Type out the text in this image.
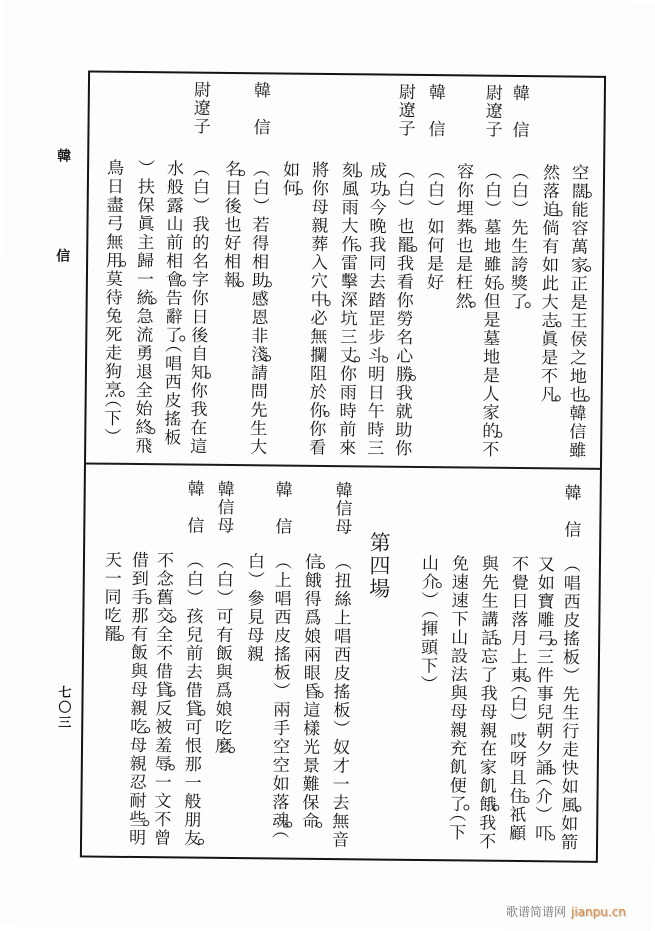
韓信
七〇三
空闊能容萬家正是王侯之地也韓信雖
然落迫倘有如此大志眞是不凡
韓信
（白）先生誇獎了
尉遼子
（白）墓地雖好但是墓地是人家的不
容你埋葬也是枉然
韓信
（白）如何是好
尉遼子
（白）也罷我看你勞名心勝我就助你
成功今晚我同去踏罡步斗明日午時三
刻風雨大作雷擊深坑三丈你雨時前來
將你母親葬入穴中必無攔阻於你你看
如何
韓信
（白）若得相助感恩非淺請問先生大
名日後也好相報
尉遼子
（白）我的名字你日後自知你我在這
水般露山前相會告辭了（唱西皮搖板
）扶保眞主歸一統急流勇退全始終飛
鳥日盡弓無用莫待兔死走狗烹（下）
韓信
（唱西皮搖板）先生行走快如風如箭
又如寶雕弓三件事兒朝夕誦（介）吓
不覺日落月上東（白）哎呀且住祇顧
與先生講話忘了我母親在家飢餓我不
免速速下山設法與母親充飢便了（下
山介）（揮頭下）
第四場
韓信母
（扭絲上唱西皮搖板）奴才一去無音
信餓得爲娘兩眼昏這樣光景難保命
韓信
（上唱西皮搖板）兩手空空如落魂（
白）參見母親
韓信母
（白）可有飯與爲娘吃麼
韓信
（白）孩兒前去借貸可恨那一般朋友
不念舊交全不借貸反被羞辱一文不曾
借到手那有飯與母親吃母親忍耐些明
天一同吃罷
歌谱简谱网 jianpu.cn
